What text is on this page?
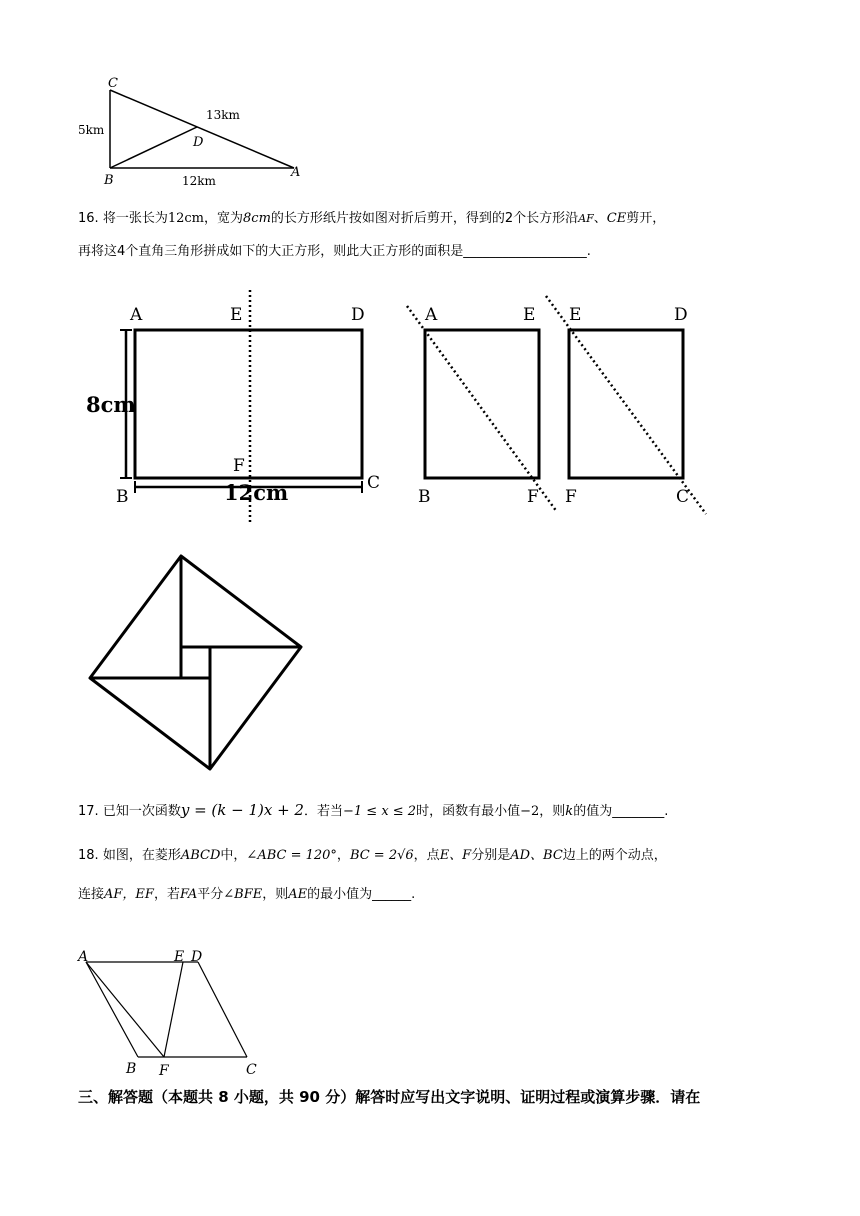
C
B
A
D
5km
13km
12km
16. 将一张长为12cm，宽为8cm的长方形纸片按如图对折后剪开，得到的2个长方形沿AF、CE剪开，
再将这4个直角三角形拼成如下的大正方形，则此大正方形的面积是___________________.
A	E	D
B
F
C
8cm
12cm
A	E
B	F
E	D
F	C
17. 已知一次函数y = (k − 1)x + 2．若当−1 ≤ x ≤ 2时，函数有最小值−2，则k的值为________.
18. 如图，在菱形ABCD中，∠ABC = 120°，BC = 2√6，点E、F分别是AD、BC边上的两个动点，
连接AF，EF，若FA平分∠BFE，则AE的最小值为______.
A	E D
B F	C
三、解答题（本题共 8 小题，共 90 分）解答时应写出文字说明、证明过程或演算步骤．请在
